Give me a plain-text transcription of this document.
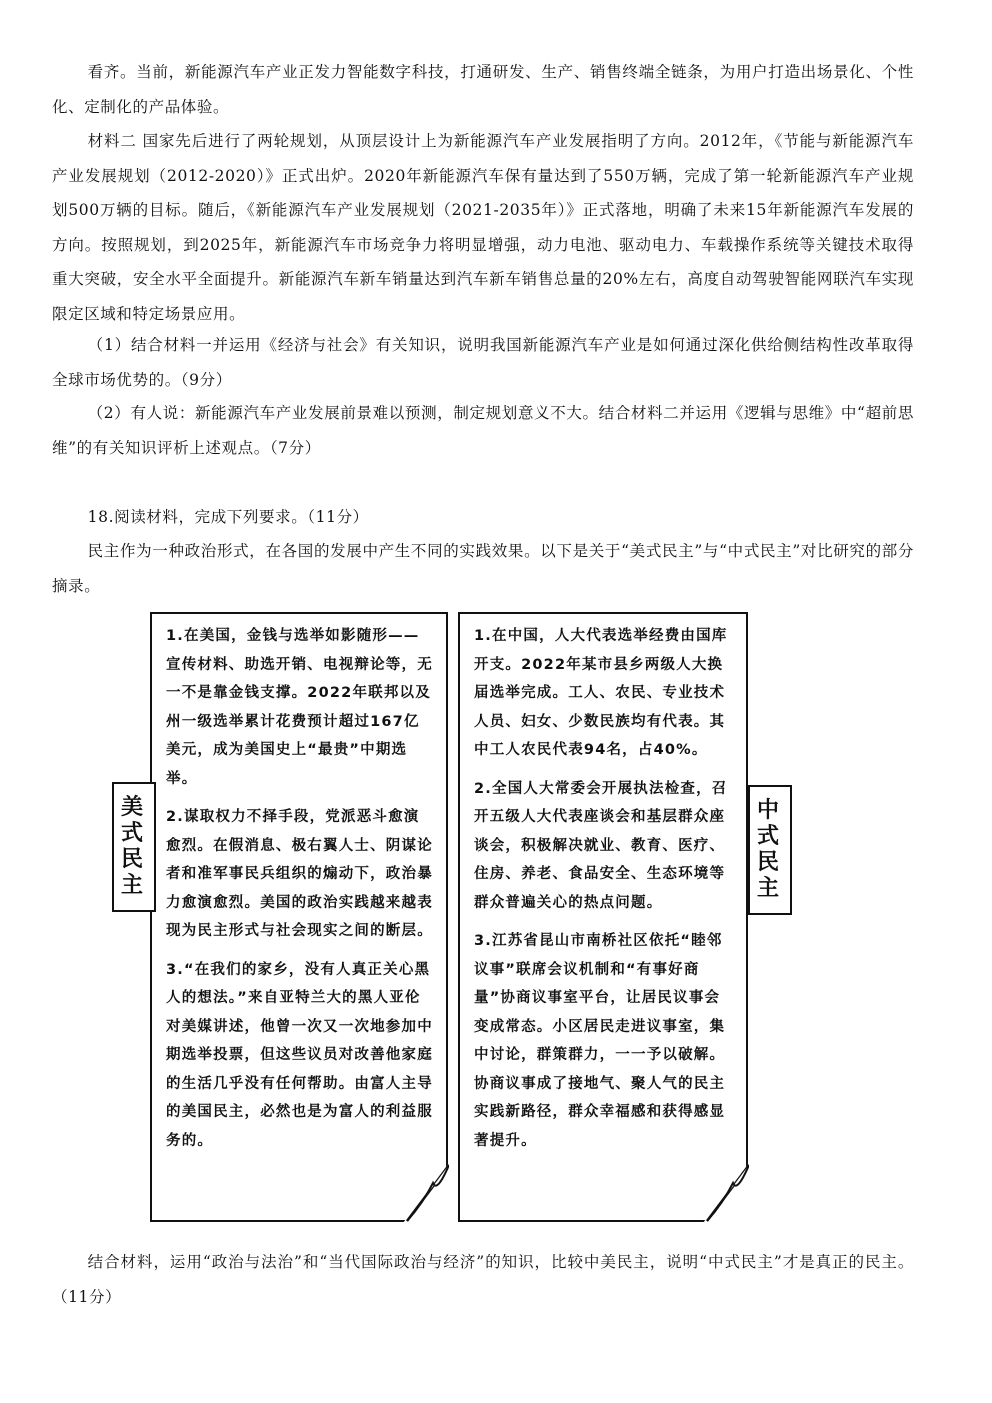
看齐。当前，新能源汽车产业正发力智能数字科技，打通研发、生产、销售终端全链条，为用户打造出场景化、个性化、定制化的产品体验。

材料二 国家先后进行了两轮规划，从顶层设计上为新能源汽车产业发展指明了方向。2012年，《节能与新能源汽车产业发展规划（2012-2020）》正式出炉。2020年新能源汽车保有量达到了550万辆，完成了第一轮新能源汽车产业规划500万辆的目标。随后，《新能源汽车产业发展规划（2021-2035年）》正式落地，明确了未来15年新能源汽车发展的方向。按照规划，到2025年，新能源汽车市场竞争力将明显增强，动力电池、驱动电力、车载操作系统等关键技术取得重大突破，安全水平全面提升。新能源汽车新车销量达到汽车新车销售总量的20%左右，高度自动驾驶智能网联汽车实现限定区域和特定场景应用。

（1）结合材料一并运用《经济与社会》有关知识，说明我国新能源汽车产业是如何通过深化供给侧结构性改革取得全球市场优势的。（9分）

（2）有人说：新能源汽车产业发展前景难以预测，制定规划意义不大。结合材料二并运用《逻辑与思维》中“超前思维”的有关知识评析上述观点。（7分）

18.阅读材料，完成下列要求。（11分）

民主作为一种政治形式，在各国的发展中产生不同的实践效果。以下是关于“美式民主”与“中式民主”对比研究的部分摘录。

1.在美国，金钱与选举如影随形——宣传材料、助选开销、电视辩论等，无一不是靠金钱支撑。2022年联邦以及州一级选举累计花费预计超过167亿美元，成为美国史上“最贵”中期选举。

2.谋取权力不择手段，党派恶斗愈演愈烈。在假消息、极右翼人士、阴谋论者和准军事民兵组织的煽动下，政治暴力愈演愈烈。美国的政治实践越来越表现为民主形式与社会现实之间的断层。

3.“在我们的家乡，没有人真正关心黑人的想法。”来自亚特兰大的黑人亚伦对美媒讲述，他曾一次又一次地参加中期选举投票，但这些议员对改善他家庭的生活几乎没有任何帮助。由富人主导的美国民主，必然也是为富人的利益服务的。

1.在中国，人大代表选举经费由国库开支。2022年某市县乡两级人大换届选举完成。工人、农民、专业技术人员、妇女、少数民族均有代表。其中工人农民代表94名，占40%。

2.全国人大常委会开展执法检查，召开五级人大代表座谈会和基层群众座谈会，积极解决就业、教育、医疗、住房、养老、食品安全、生态环境等群众普遍关心的热点问题。

3.江苏省昆山市南桥社区依托“睦邻议事”联席会议机制和“有事好商量”协商议事室平台，让居民议事会变成常态。小区居民走进议事室，集中讨论，群策群力，一一予以破解。协商议事成了接地气、聚人气的民主实践新路径，群众幸福感和获得感显著提升。

美式
民主
中式
民主

结合材料，运用“政治与法治”和“当代国际政治与经济”的知识，比较中美民主，说明“中式民主”才是真正的民主。（11分）
